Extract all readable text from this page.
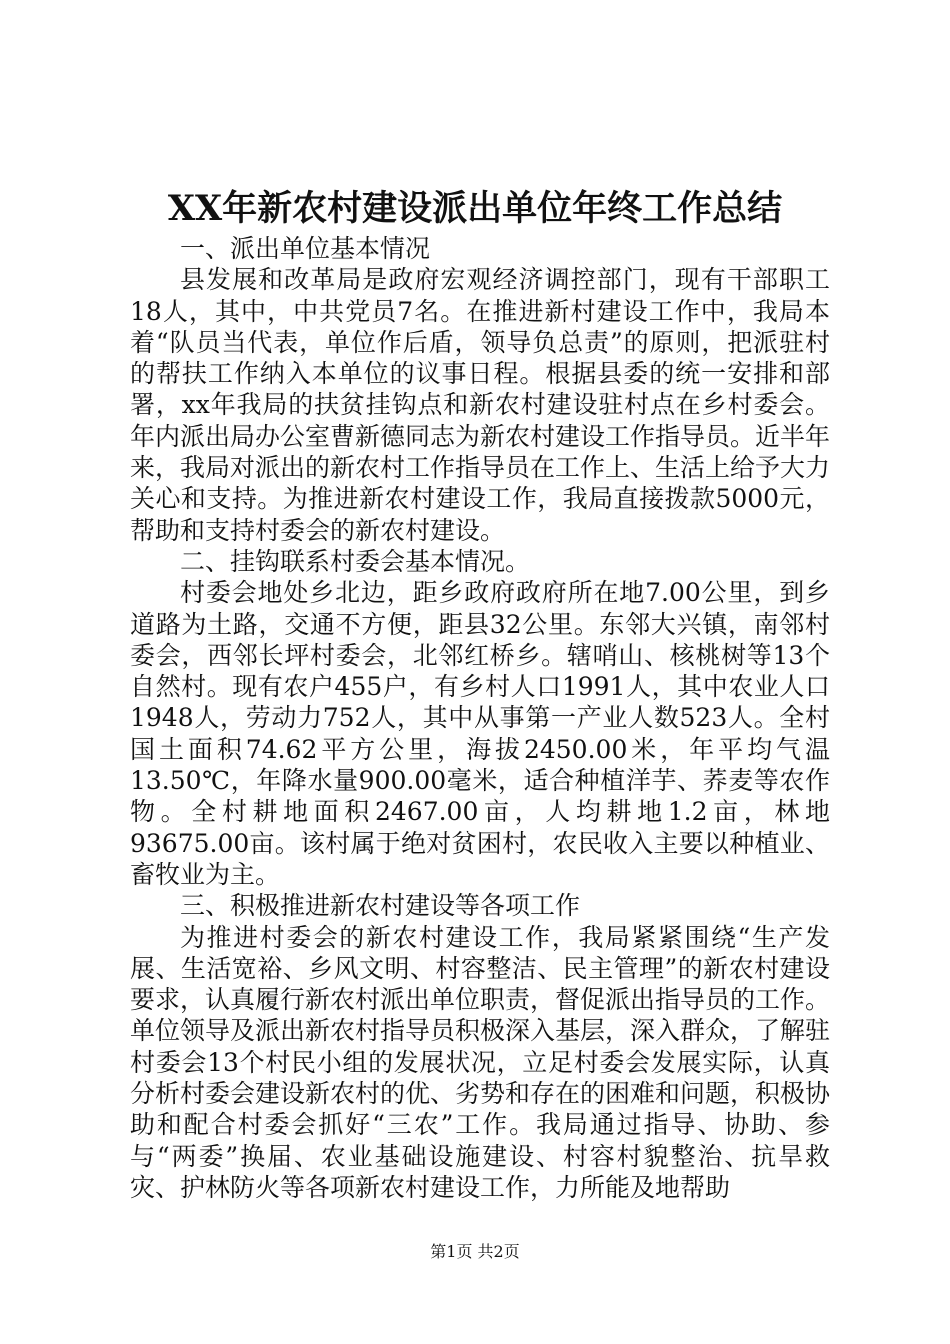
XX年新农村建设派出单位年终工作总结

一、派出单位基本情况

县发展和改革局是政府宏观经济调控部门，现有干部职工18人，其中，中共党员7名。在推进新村建设工作中，我局本着“队员当代表，单位作后盾，领导负总责”的原则，把派驻村的帮扶工作纳入本单位的议事日程。根据县委的统一安排和部署，xx年我局的扶贫挂钩点和新农村建设驻村点在乡村委会。年内派出局办公室曹新德同志为新农村建设工作指导员。近半年来，我局对派出的新农村工作指导员在工作上、生活上给予大力关心和支持。为推进新农村建设工作，我局直接拨款5000元，帮助和支持村委会的新农村建设。

二、挂钩联系村委会基本情况。

村委会地处乡北边，距乡政府政府所在地7.00公里，到乡道路为土路，交通不方便，距县32公里。东邻大兴镇，南邻村委会，西邻长坪村委会，北邻红桥乡。辖哨山、核桃树等13个自然村。现有农户455户，有乡村人口1991人，其中农业人口1948人，劳动力752人，其中从事第一产业人数523人。全村国土面积74.62平方公里，海拔2450.00米，年平均气温13.50℃，年降水量900.00毫米，适合种植洋芋、荞麦等农作物。全村耕地面积2467.00亩，人均耕地1.2亩，林地93675.00亩。该村属于绝对贫困村，农民收入主要以种植业、畜牧业为主。

三、积极推进新农村建设等各项工作

为推进村委会的新农村建设工作，我局紧紧围绕“生产发展、生活宽裕、乡风文明、村容整洁、民主管理”的新农村建设要求，认真履行新农村派出单位职责，督促派出指导员的工作。单位领导及派出新农村指导员积极深入基层，深入群众，了解驻村委会13个村民小组的发展状况，立足村委会发展实际，认真分析村委会建设新农村的优、劣势和存在的困难和问题，积极协助和配合村委会抓好“三农”工作。我局通过指导、协助、参与“两委”换届、农业基础设施建设、村容村貌整治、抗旱救灾、护林防火等各项新农村建设工作，力所能及地帮助

第1页 共2页
